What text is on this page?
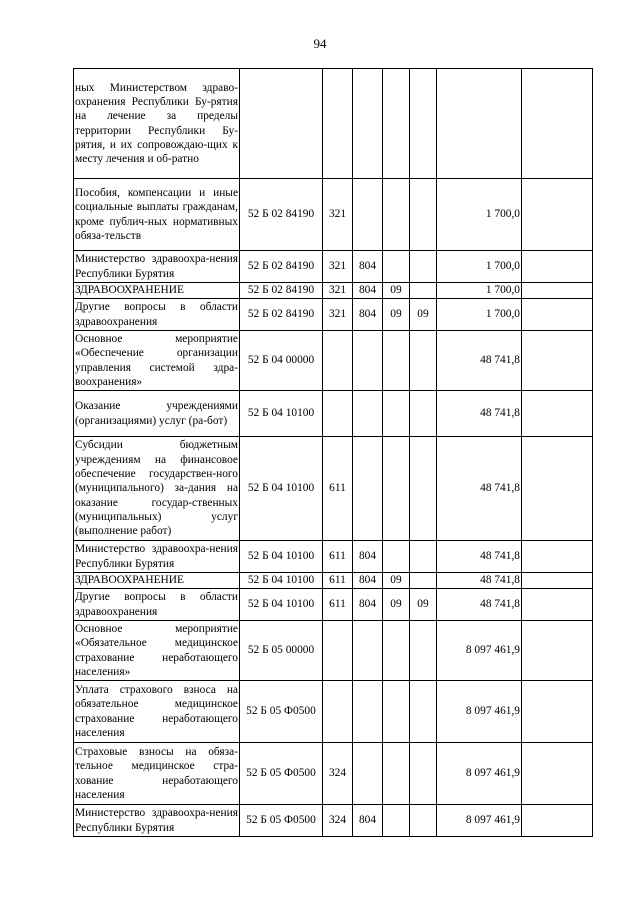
94
ных Министерством здраво-охранения Республики Бу-рятия на лечение за пределы территории Республики Бу-рятия, и их сопровождаю-щих к месту лечения и об-ратно							
Пособия, компенсации и иные социальные выплаты гражданам, кроме публич-ных нормативных обяза-тельств	52 Б 02 84190	321				1 700,0	
Министерство здравоохра-нения Республики Бурятия	52 Б 02 84190	321	804			1 700,0	
ЗДРАВООХРАНЕНИЕ	52 Б 02 84190	321	804	09		1 700,0	
Другие вопросы в области здравоохранения	52 Б 02 84190	321	804	09	09	1 700,0	
Основное мероприятие «Обеспечение организации управления системой здра-воохранения»	52 Б 04 00000					48 741,8	
Оказание учреждениями (организациями) услуг (ра-бот)	52 Б 04 10100					48 741,8	
Субсидии бюджетным учреждениям на финансовое обеспечение государствен-ного (муниципального) за-дания на оказание государ-ственных (муниципальных) услуг (выполнение работ)	52 Б 04 10100	611				48 741,8	
Министерство здравоохра-нения Республики Бурятия	52 Б 04 10100	611	804			48 741,8	
ЗДРАВООХРАНЕНИЕ	52 Б 04 10100	611	804	09		48 741,8	
Другие вопросы в области здравоохранения	52 Б 04 10100	611	804	09	09	48 741,8	
Основное мероприятие «Обязательное медицинское страхование неработающего населения»	52 Б 05 00000					8 097 461,9	
Уплата страхового взноса на обязательное медицинское страхование неработающего населения	52 Б 05 Ф0500					8 097 461,9	
Страховые взносы на обяза-тельное медицинское стра-хование неработающего населения	52 Б 05 Ф0500	324				8 097 461,9	
Министерство здравоохра-нения Республики Бурятия	52 Б 05 Ф0500	324	804			8 097 461,9	
